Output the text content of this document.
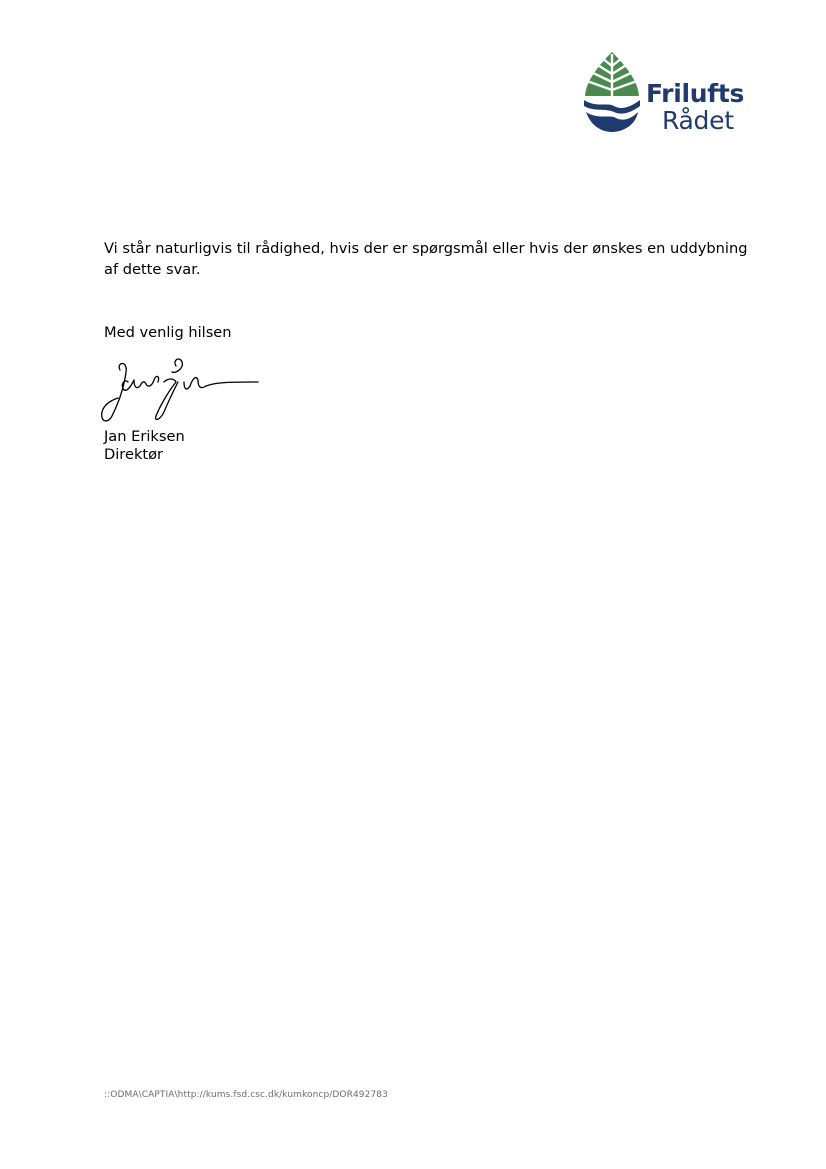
Frilufts
Rådet

Vi står naturligvis til rådighed, hvis der er spørgsmål eller hvis der ønskes en uddybning af dette svar.

Med venlig hilsen
Jan Eriksen
Direktør
::ODMA\CAPTIA\http://kums.fsd.csc.dk/kumkoncp/DOR492783
